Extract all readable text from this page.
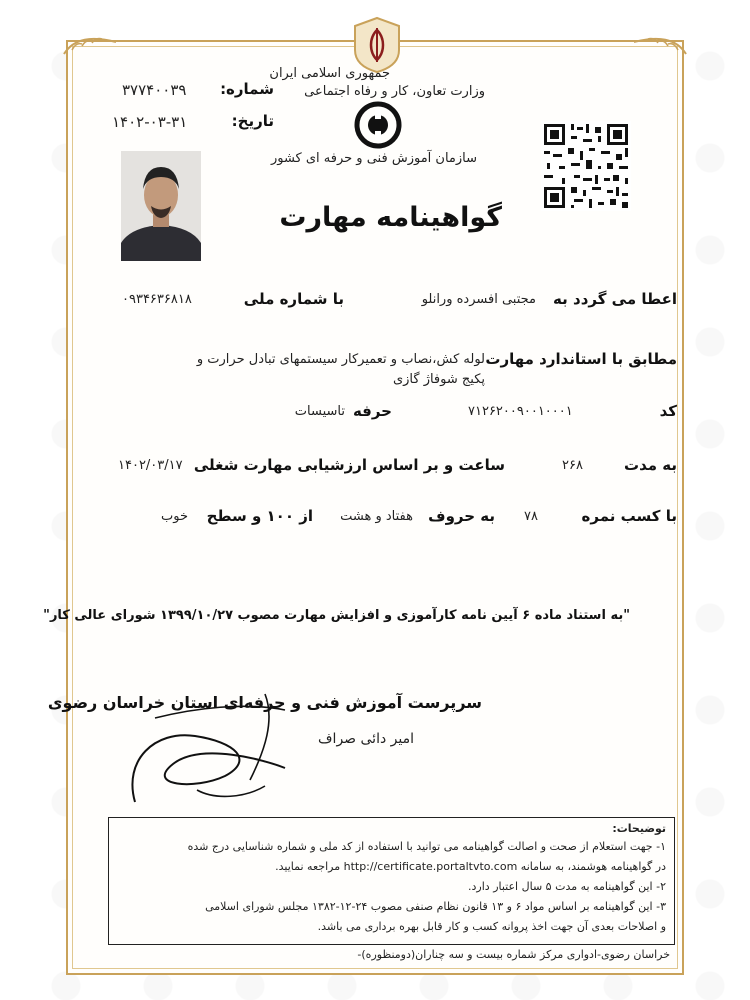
جمهوری اسلامی ایران
وزارت تعاون، کار و رفاه اجتماعی
سازمان آموزش فنی و حرفه ای کشور
شماره:
۳۷۷۴۰۰۳۹
تاریخ:
۱۴۰۲-۰۳-۳۱
گواهینامه مهارت
اعطا می گردد به
مجتبی افسرده ورانلو
با شماره ملی
۰۹۳۴۶۳۶۸۱۸
مطابق با استاندارد مهارت
لوله کش،نصاب و تعمیرکار سیستمهای تبادل حرارت و
پکیج شوفاژ گازی
کد
۷۱۲۶۲۰۰۹۰۰۱۰۰۰۱
حرفه
تاسیسات
به مدت
۲۶۸
ساعت و بر اساس ارزشیابی مهارت شغلی
۱۴۰۲/۰۳/۱۷
با کسب نمره
۷۸
به حروف
هفتاد و هشت
از ۱۰۰ و سطح
خوب
"به استناد ماده ۶ آیین نامه کارآموزی و افزایش مهارت مصوب ۱۳۹۹/۱۰/۲۷ شورای عالی کار"
سرپرست آموزش فنی و حرفه‌ای استان خراسان رضوی
امیر دائی صراف
توضیحات:
۱- جهت استعلام از صحت و اصالت گواهینامه می توانید با استفاده از کد ملی و شماره شناسایی درج شده
در گواهینامه هوشمند، به سامانه http://certificate.portaltvto.com مراجعه نمایید.
۲- این گواهینامه به مدت ۵ سال اعتبار دارد.
۳- این گواهینامه بر اساس مواد ۶ و ۱۳ قانون نظام صنفی مصوب ۲۴-۱۲-۱۳۸۲ مجلس شورای اسلامی
و اصلاحات بعدی آن جهت اخذ پروانه کسب و کار قابل بهره برداری می باشد.
خراسان رضوی-ادواری مرکز شماره بیست و سه چناران(دومنظوره)-
